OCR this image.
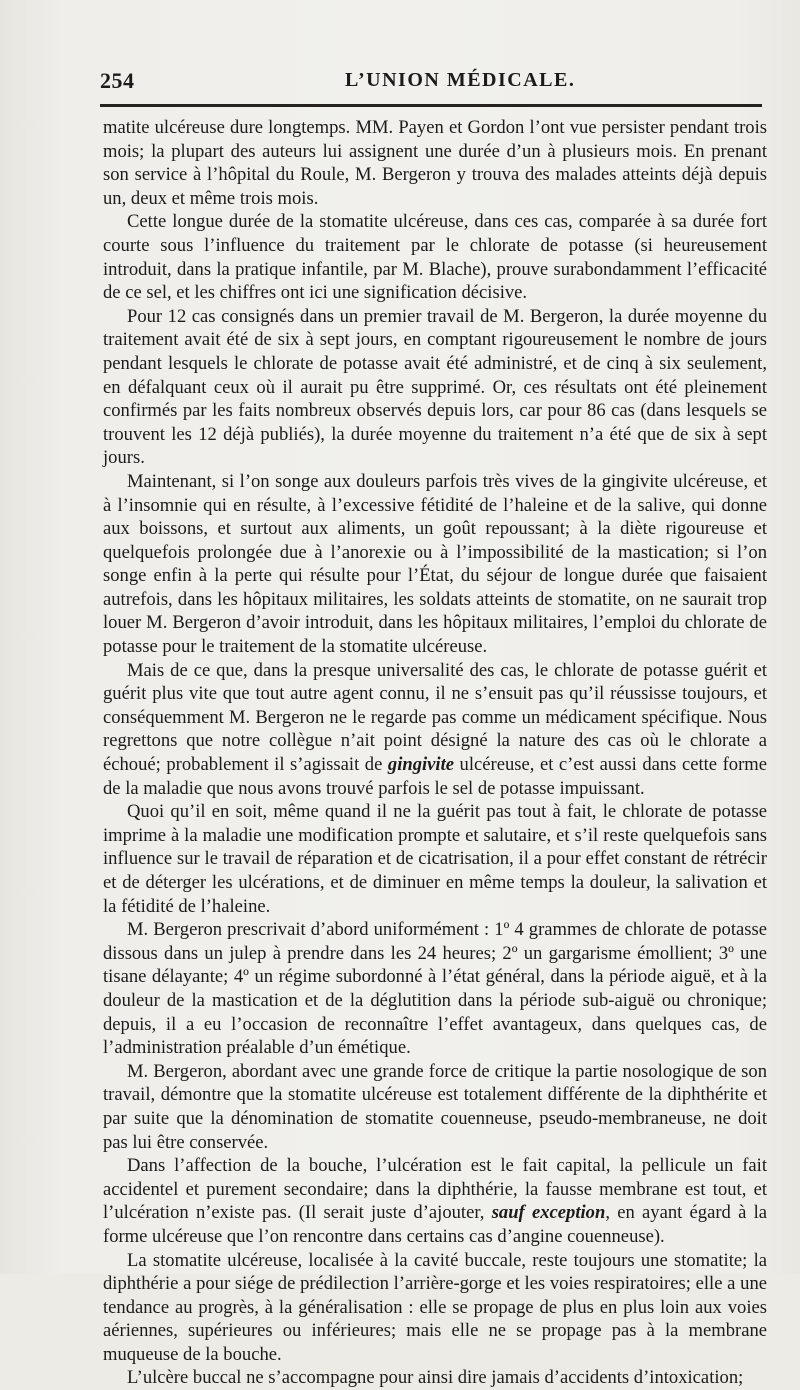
254	L’UNION MÉDICALE.

matite ulcéreuse dure longtemps. MM. Payen et Gordon l’ont vue persister pendant trois mois; la plupart des auteurs lui assignent une durée d’un à plusieurs mois. En prenant son service à l’hôpital du Roule, M. Bergeron y trouva des malades atteints déjà depuis un, deux et même trois mois.

Cette longue durée de la stomatite ulcéreuse, dans ces cas, comparée à sa durée fort courte sous l’influence du traitement par le chlorate de potasse (si heureusement introduit, dans la pratique infantile, par M. Blache), prouve surabondamment l’efficacité de ce sel, et les chiffres ont ici une signification décisive.

Pour 12 cas consignés dans un premier travail de M. Bergeron, la durée moyenne du traitement avait été de six à sept jours, en comptant rigoureusement le nombre de jours pendant lesquels le chlorate de potasse avait été administré, et de cinq à six seulement, en défalquant ceux où il aurait pu être supprimé. Or, ces résultats ont été pleinement confirmés par les faits nombreux observés depuis lors, car pour 86 cas (dans lesquels se trouvent les 12 déjà publiés), la durée moyenne du traitement n’a été que de six à sept jours.

Maintenant, si l’on songe aux douleurs parfois très vives de la gingivite ulcéreuse, et à l’insomnie qui en résulte, à l’excessive fétidité de l’haleine et de la salive, qui donne aux boissons, et surtout aux aliments, un goût repoussant; à la diète rigoureuse et quelquefois prolongée due à l’anorexie ou à l’impossibilité de la mastication; si l’on songe enfin à la perte qui résulte pour l’État, du séjour de longue durée que faisaient autrefois, dans les hôpitaux militaires, les soldats atteints de stomatite, on ne saurait trop louer M. Bergeron d’avoir introduit, dans les hôpitaux militaires, l’emploi du chlorate de potasse pour le traitement de la stomatite ulcéreuse.

Mais de ce que, dans la presque universalité des cas, le chlorate de potasse guérit et guérit plus vite que tout autre agent connu, il ne s’ensuit pas qu’il réussisse toujours, et conséquemment M. Bergeron ne le regarde pas comme un médicament spécifique. Nous regrettons que notre collègue n’ait point désigné la nature des cas où le chlorate a échoué; probablement il s’agissait de gingivite ulcéreuse, et c’est aussi dans cette forme de la maladie que nous avons trouvé parfois le sel de potasse impuissant.

Quoi qu’il en soit, même quand il ne la guérit pas tout à fait, le chlorate de potasse imprime à la maladie une modification prompte et salutaire, et s’il reste quelquefois sans influence sur le travail de réparation et de cicatrisation, il a pour effet constant de rétrécir et de déterger les ulcérations, et de diminuer en même temps la douleur, la salivation et la fétidité de l’haleine.

M. Bergeron prescrivait d’abord uniformément : 1º 4 grammes de chlorate de potasse dissous dans un julep à prendre dans les 24 heures; 2º un gargarisme émollient; 3º une tisane délayante; 4º un régime subordonné à l’état général, dans la période aiguë, et à la douleur de la mastication et de la déglutition dans la période sub-aiguë ou chronique; depuis, il a eu l’occasion de reconnaître l’effet avantageux, dans quelques cas, de l’administration préalable d’un émétique.

M. Bergeron, abordant avec une grande force de critique la partie nosologique de son travail, démontre que la stomatite ulcéreuse est totalement différente de la diphthérite et par suite que la dénomination de stomatite couenneuse, pseudo-membraneuse, ne doit pas lui être conservée.

Dans l’affection de la bouche, l’ulcération est le fait capital, la pellicule un fait accidentel et purement secondaire; dans la diphthérie, la fausse membrane est tout, et l’ulcération n’existe pas. (Il serait juste d’ajouter, sauf exception, en ayant égard à la forme ulcéreuse que l’on rencontre dans certains cas d’angine couenneuse).

La stomatite ulcéreuse, localisée à la cavité buccale, reste toujours une stomatite; la diphthérie a pour siége de prédilection l’arrière-gorge et les voies respiratoires; elle a une tendance au progrès, à la généralisation : elle se propage de plus en plus loin aux voies aériennes, supérieures ou inférieures; mais elle ne se propage pas à la membrane muqueuse de la bouche.

L’ulcère buccal ne s’accompagne pour ainsi dire jamais d’accidents d’intoxication;
